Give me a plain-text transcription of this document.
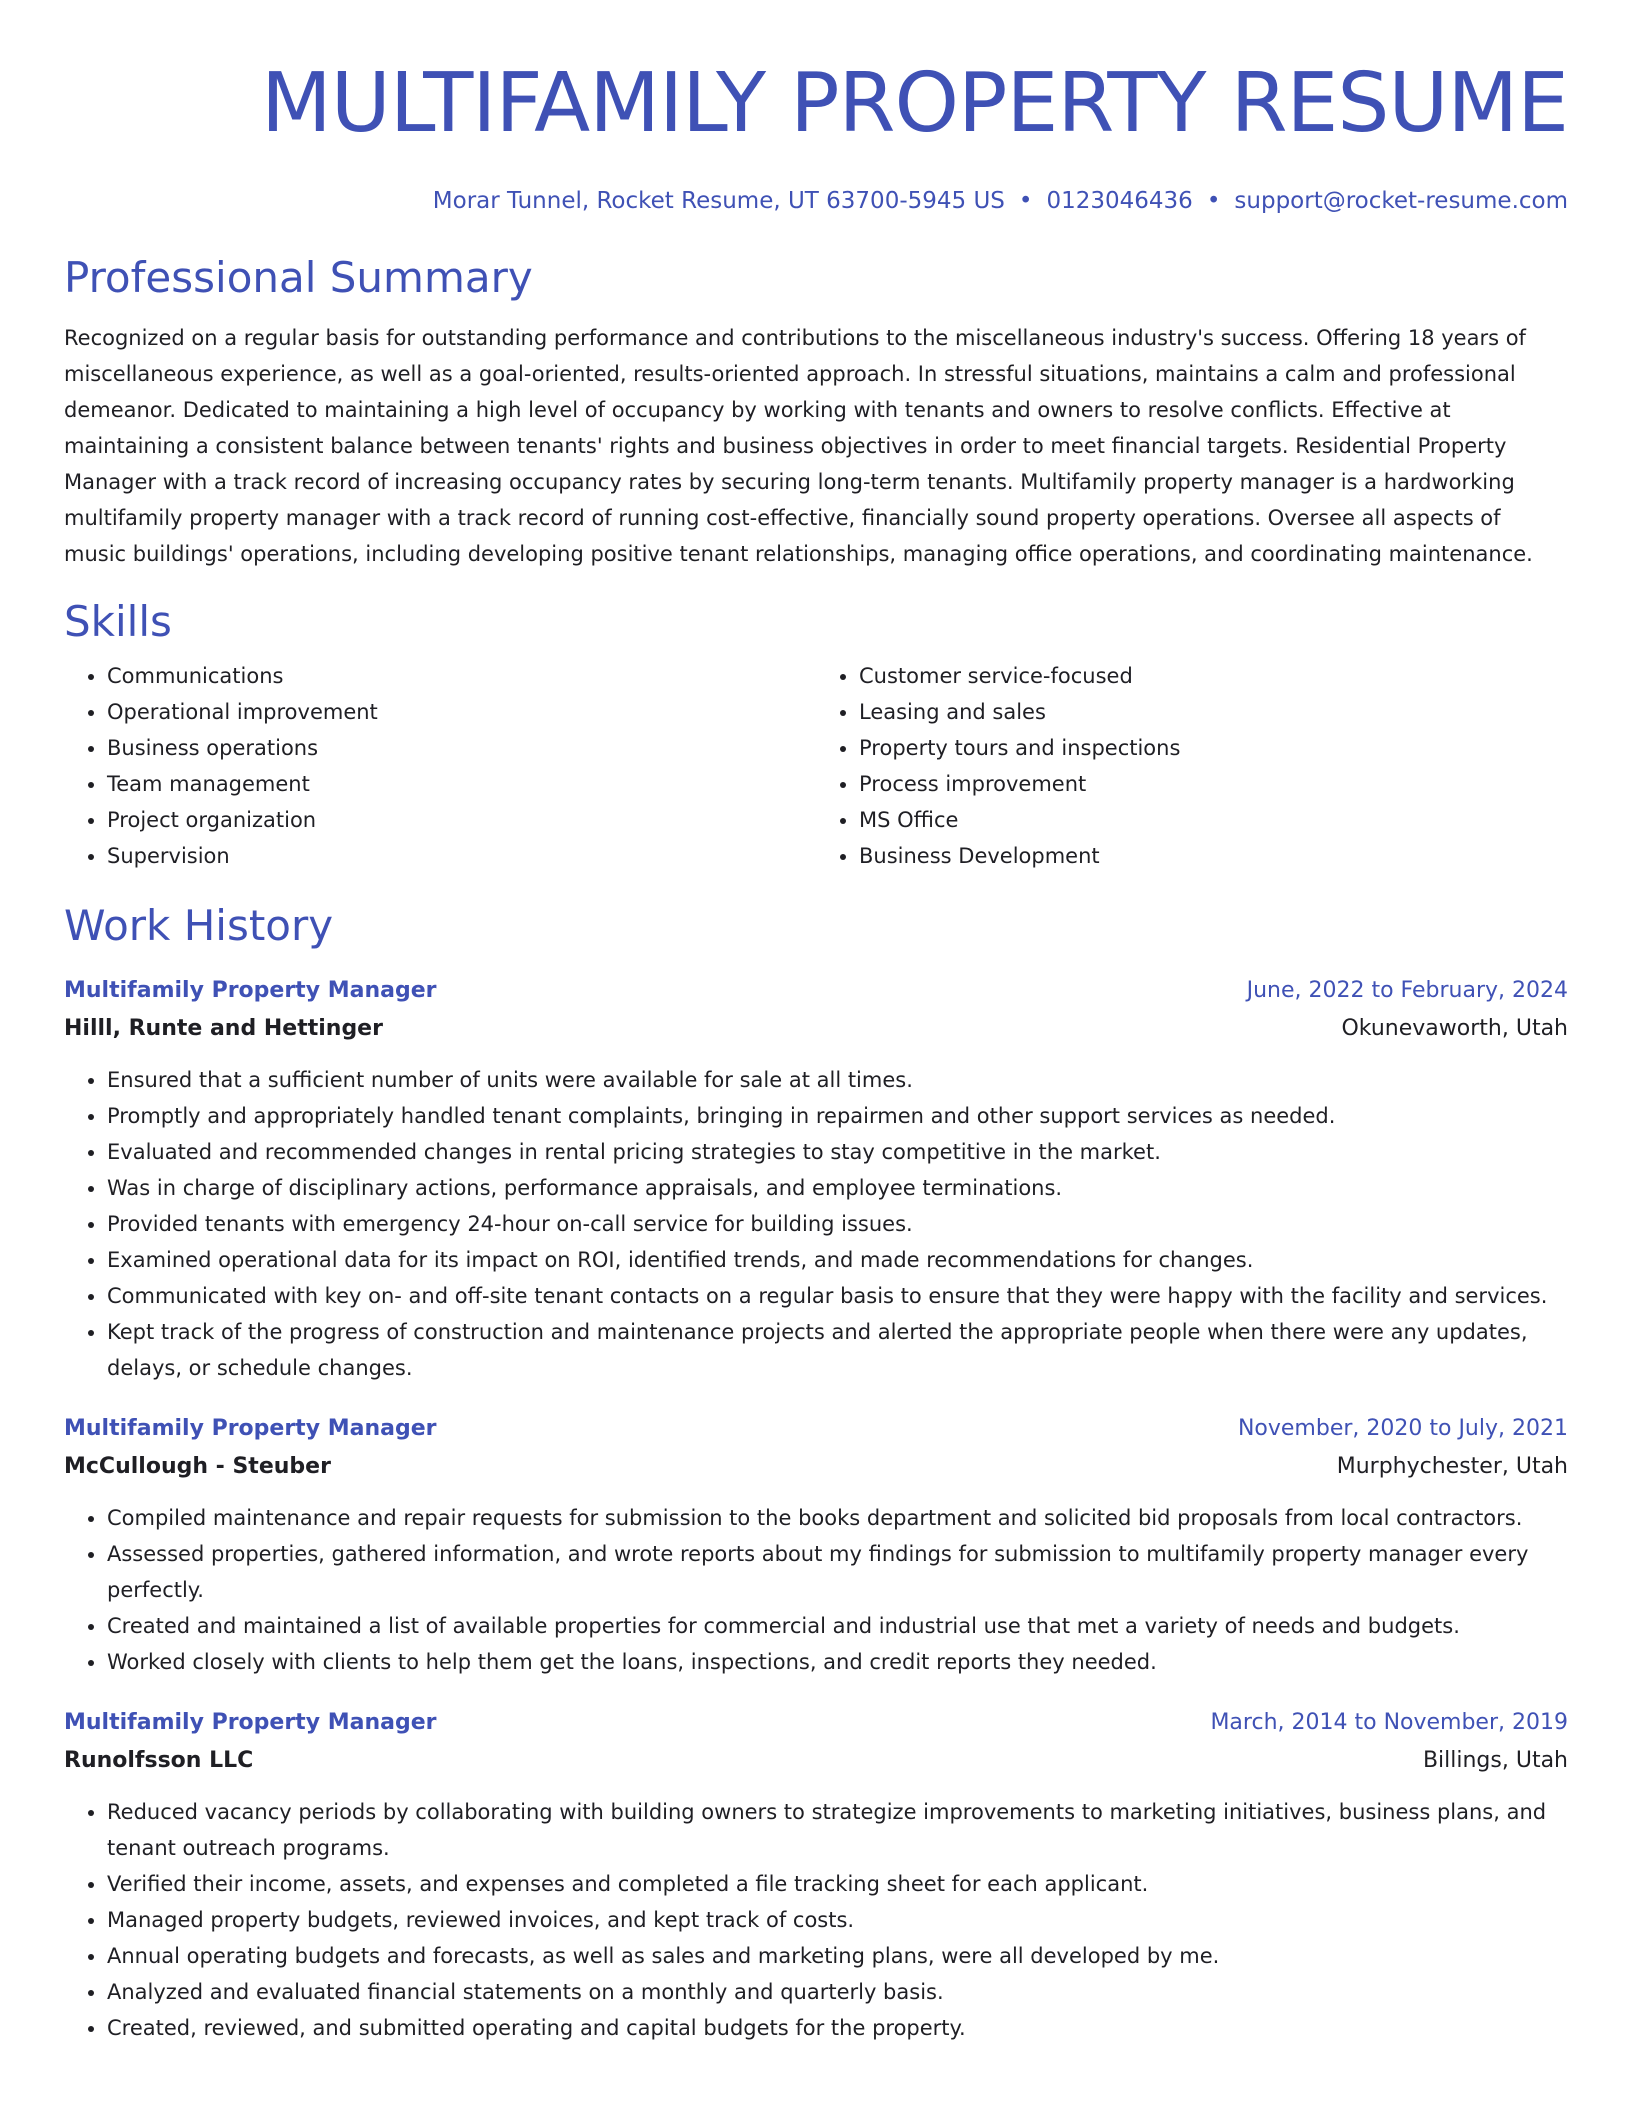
MULTIFAMILY PROPERTY RESUME
Morar Tunnel, Rocket Resume, UT 63700-5945 US • 0123046436 • support@rocket-resume.com
Professional Summary

Recognized on a regular basis for outstanding performance and contributions to the miscellaneous industry's success. Offering 18 years of miscellaneous experience, as well as a goal-oriented, results-oriented approach. In stressful situations, maintains a calm and professional demeanor. Dedicated to maintaining a high level of occupancy by working with tenants and owners to resolve conflicts. Effective at maintaining a consistent balance between tenants' rights and business objectives in order to meet financial targets. Residential Property Manager with a track record of increasing occupancy rates by securing long-term tenants. Multifamily property manager is a hardworking multifamily property manager with a track record of running cost-effective, financially sound property operations. Oversee all aspects of music buildings' operations, including developing positive tenant relationships, managing office operations, and coordinating maintenance.

Skills
• Communications
• Operational improvement
• Business operations
• Team management
• Project organization
• Supervision
• Customer service-focused
• Leasing and sales
• Property tours and inspections
• Process improvement
• MS Office
• Business Development
Work History
Multifamily Property Manager	June, 2022 to February, 2024
Hilll, Runte and Hettinger	Okunevaworth, Utah
• Ensured that a sufficient number of units were available for sale at all times.
• Promptly and appropriately handled tenant complaints, bringing in repairmen and other support services as needed.
• Evaluated and recommended changes in rental pricing strategies to stay competitive in the market.
• Was in charge of disciplinary actions, performance appraisals, and employee terminations.
• Provided tenants with emergency 24-hour on-call service for building issues.
• Examined operational data for its impact on ROI, identified trends, and made recommendations for changes.
• Communicated with key on- and off-site tenant contacts on a regular basis to ensure that they were happy with the facility and services.
• Kept track of the progress of construction and maintenance projects and alerted the appropriate people when there were any updates, delays, or schedule changes.
Multifamily Property Manager	November, 2020 to July, 2021
McCullough - Steuber	Murphychester, Utah
• Compiled maintenance and repair requests for submission to the books department and solicited bid proposals from local contractors.
• Assessed properties, gathered information, and wrote reports about my findings for submission to multifamily property manager every perfectly.
• Created and maintained a list of available properties for commercial and industrial use that met a variety of needs and budgets.
• Worked closely with clients to help them get the loans, inspections, and credit reports they needed.
Multifamily Property Manager	March, 2014 to November, 2019
Runolfsson LLC	Billings, Utah
• Reduced vacancy periods by collaborating with building owners to strategize improvements to marketing initiatives, business plans, and tenant outreach programs.
• Verified their income, assets, and expenses and completed a file tracking sheet for each applicant.
• Managed property budgets, reviewed invoices, and kept track of costs.
• Annual operating budgets and forecasts, as well as sales and marketing plans, were all developed by me.
• Analyzed and evaluated financial statements on a monthly and quarterly basis.
• Created, reviewed, and submitted operating and capital budgets for the property.
